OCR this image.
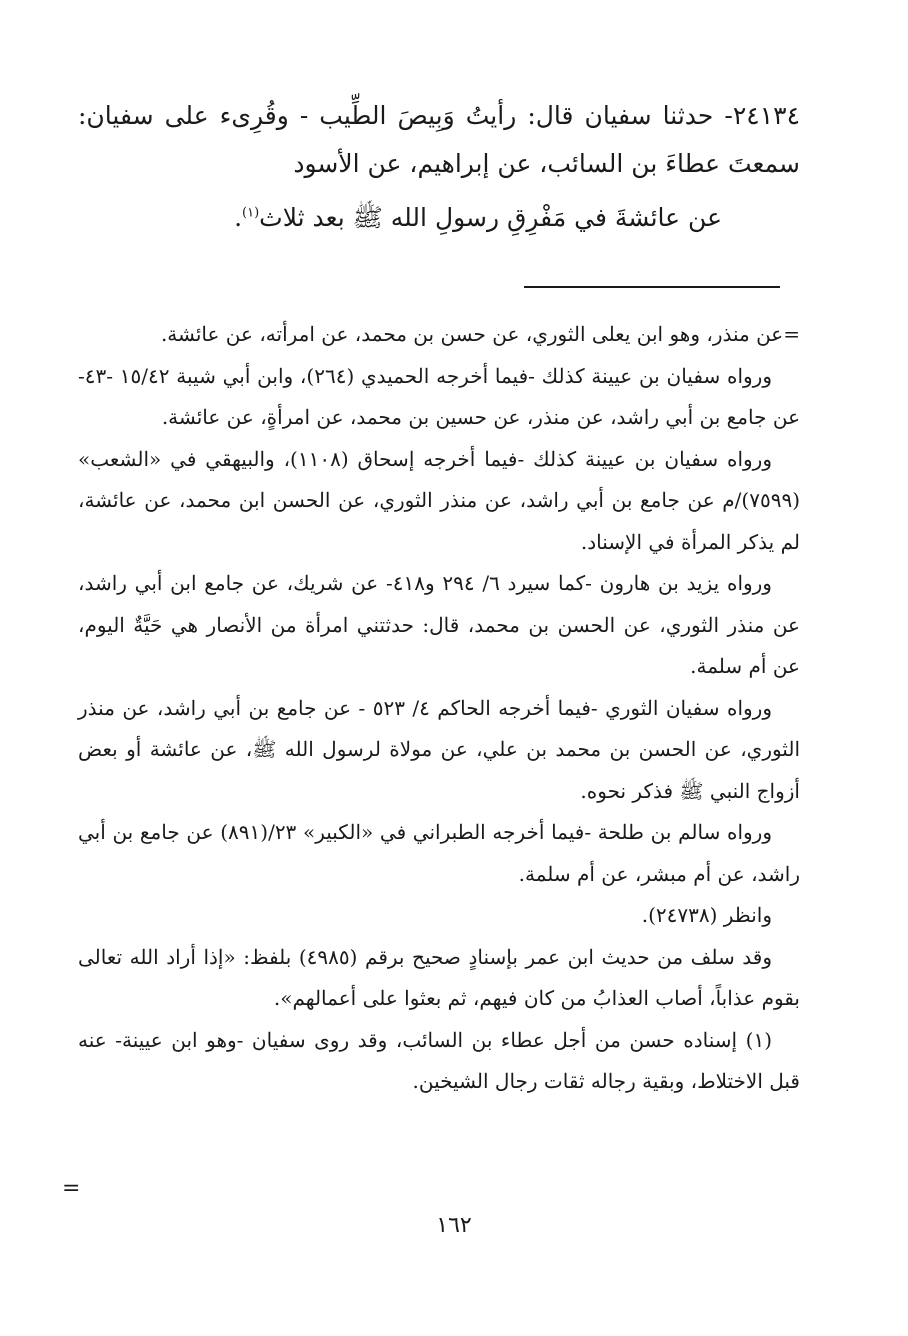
٢٤١٣٤- حدثنا سفيان قال: رأيتُ وَبِيصَ الطِّيب - وقُرِىء على سفيان: سمعتَ عطاءَ بن السائب، عن إبراهيم، عن الأسود

عن عائشةَ في مَفْرِقِ رسولِ الله ﷺ بعد ثلاث$^{(١)}$.

=عن منذر، وهو ابن يعلى الثوري، عن حسن بن محمد، عن امرأته، عن عائشة.

ورواه سفيان بن عيينة كذلك -فيما أخرجه الحميدي (٢٦٤)، وابن أبي شيبة ١٥/٤٢ -٤٣- عن جامع بن أبي راشد، عن منذر، عن حسين بن محمد، عن امرأةٍ، عن عائشة.

ورواه سفيان بن عيينة كذلك -فيما أخرجه إسحاق (١١٠٨)، والبيهقي في «الشعب» (٧٥٩٩)/م عن جامع بن أبي راشد، عن منذر الثوري، عن الحسن ابن محمد، عن عائشة، لم يذكر المرأة في الإسناد.

ورواه يزيد بن هارون -كما سيرد ٦/ ٢٩٤ و٤١٨- عن شريك، عن جامع ابن أبي راشد، عن منذر الثوري، عن الحسن بن محمد، قال: حدثتني امرأة من الأنصار هي حَيَّةٌ اليوم، عن أم سلمة.

ورواه سفيان الثوري -فيما أخرجه الحاكم ٤/ ٥٢٣ - عن جامع بن أبي راشد، عن منذر الثوري، عن الحسن بن محمد بن علي، عن مولاة لرسول الله ﷺ، عن عائشة أو بعض أزواج النبي ﷺ فذكر نحوه.

ورواه سالم بن طلحة -فيما أخرجه الطبراني في «الكبير» ٢٣/(٨٩١) عن جامع بن أبي راشد، عن أم مبشر، عن أم سلمة.

وانظر (٢٤٧٣٨).

وقد سلف من حديث ابن عمر بإسنادٍ صحيح برقم (٤٩٨٥) بلفظ: «إذا أراد الله تعالى بقوم عذاباً، أصاب العذابُ من كان فيهم، ثم بعثوا على أعمالهم».

(١) إسناده حسن من أجل عطاء بن السائب، وقد روى سفيان -وهو ابن عيينة- عنه قبل الاختلاط، وبقية رجاله ثقات رجال الشيخين.

=
١٦٢
